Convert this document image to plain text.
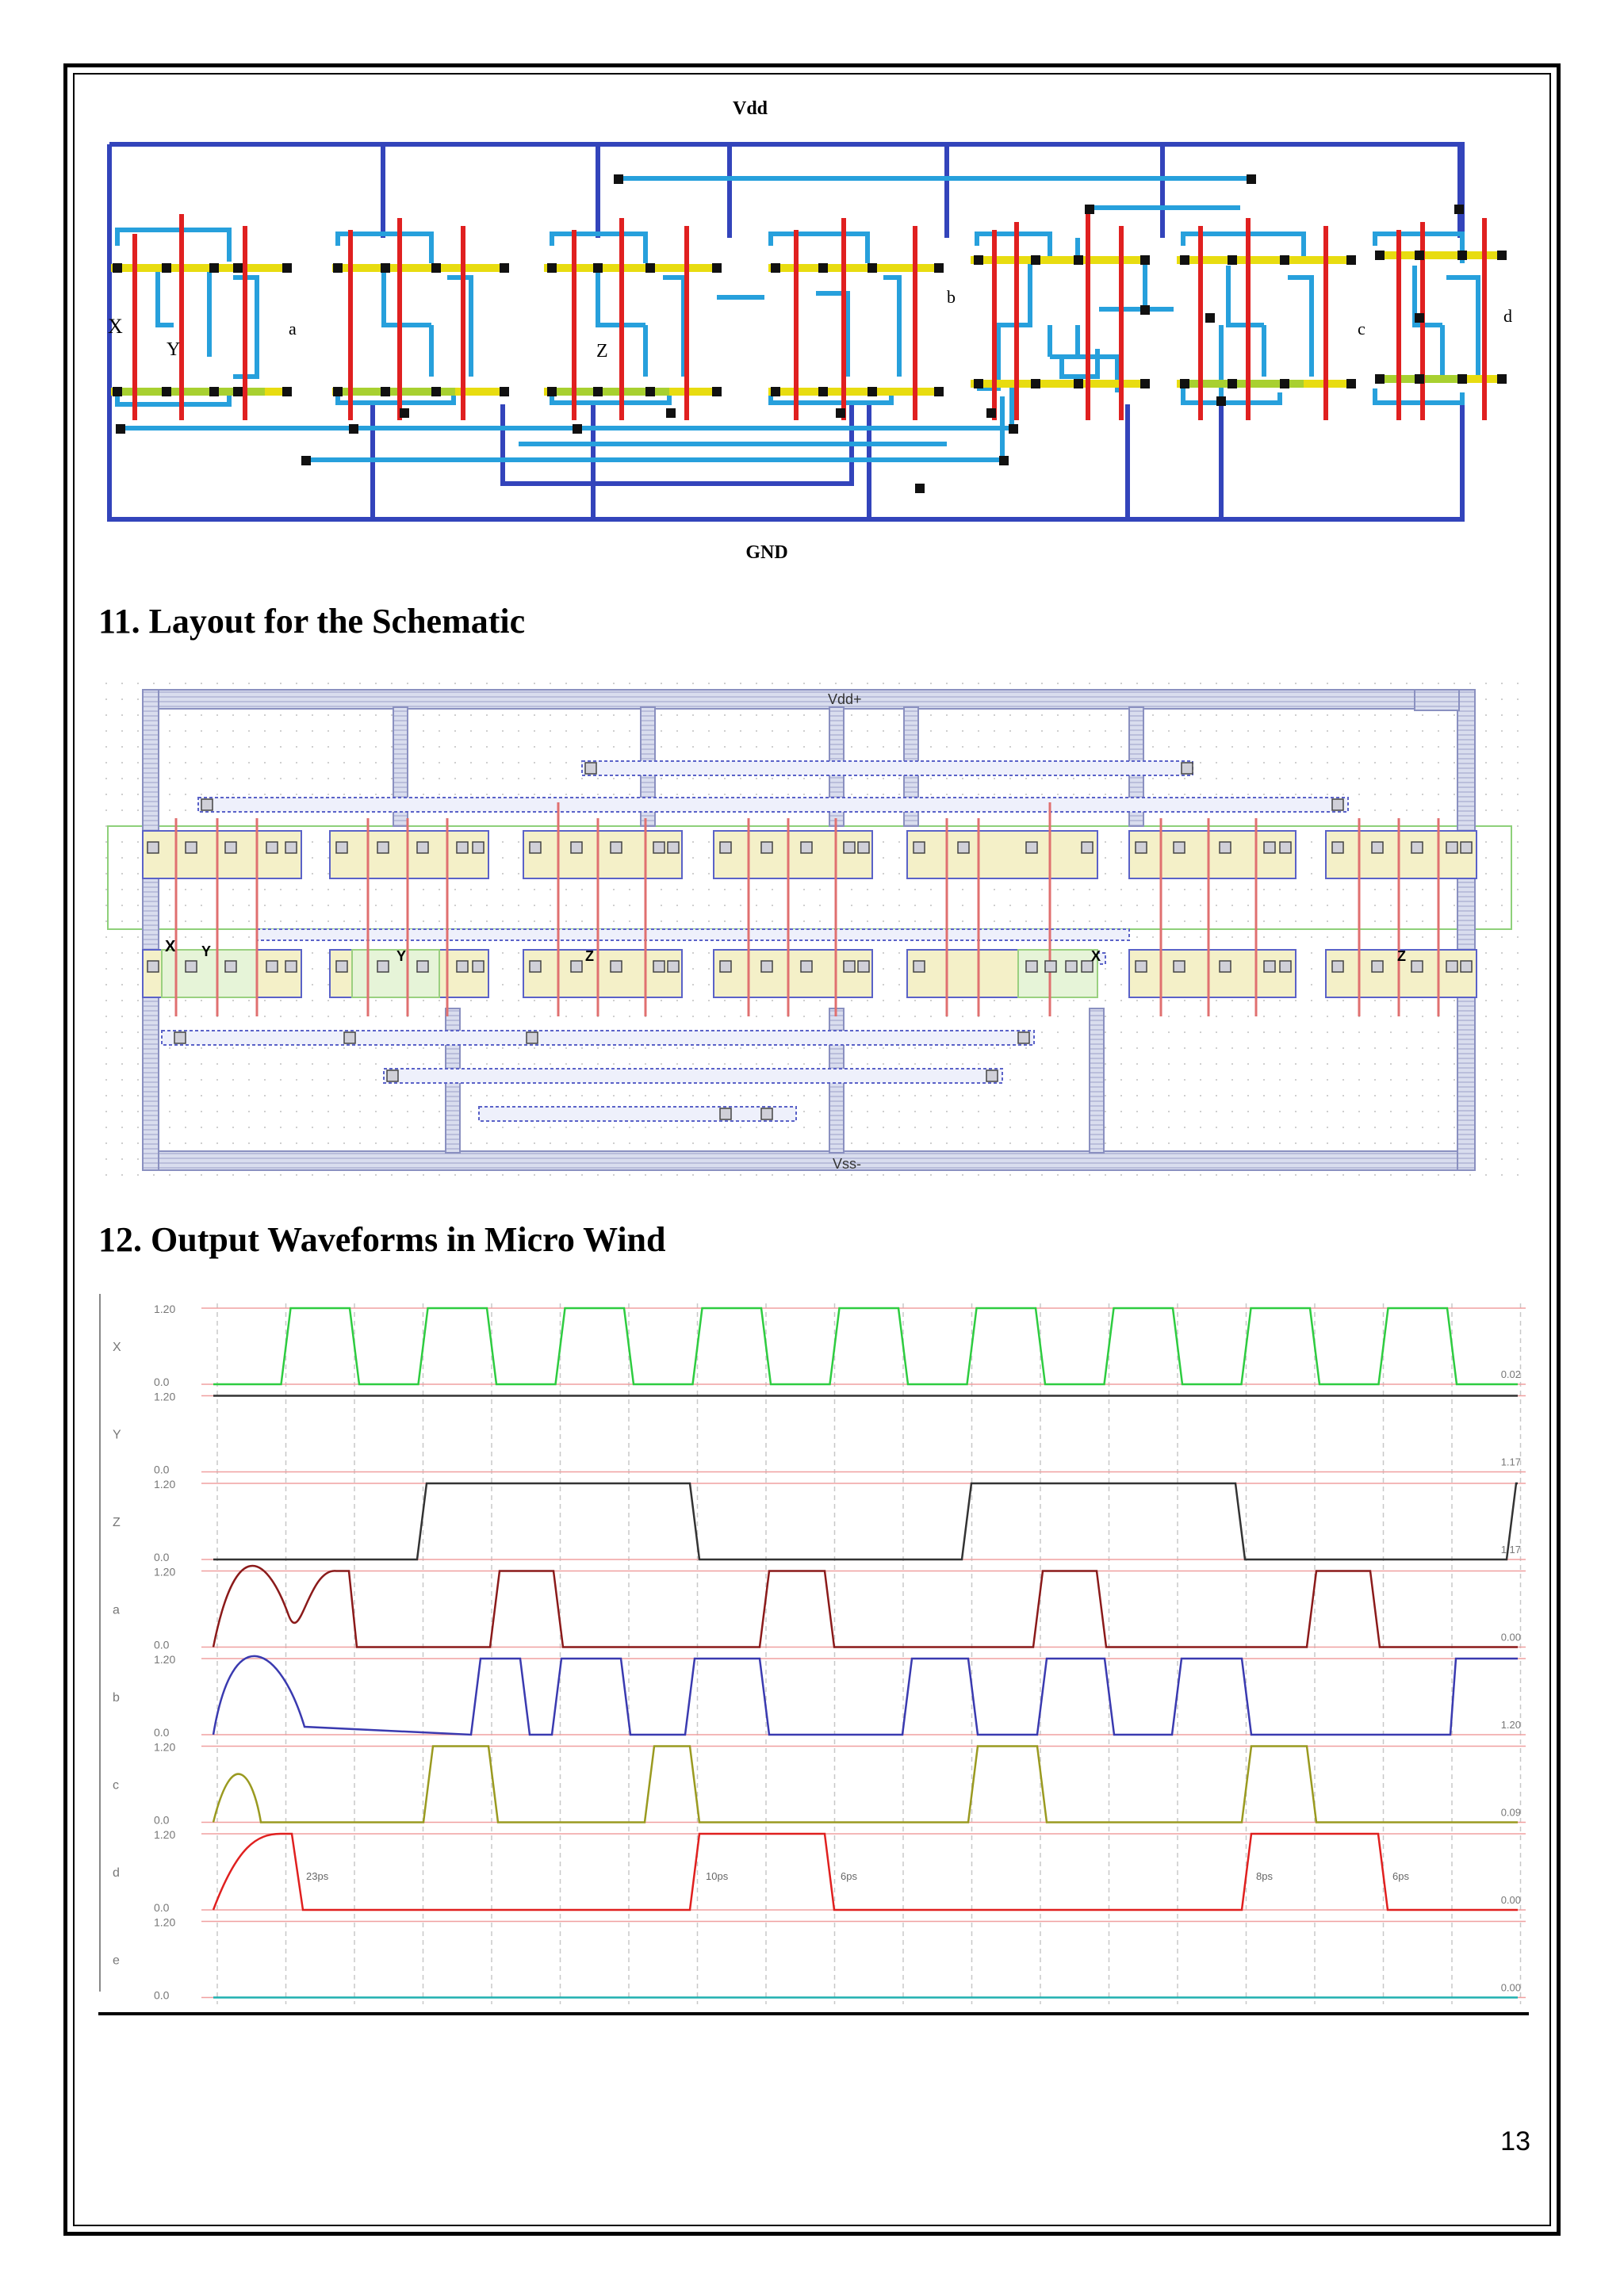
Vdd
GND
X
Y
a
Z
b
c
d
11. Layout for the Schematic
Vdd+
Vss-
X Y	Y	Z	X	Z
12. Output Waveforms in Micro Wind
1.20
0.0
X
0.02
1.20
0.0
Y
1.17
1.20
0.0
Z
1.17
1.20
0.0
a
0.00
1.20
0.0
b
1.20
1.20
0.0
c
0.09
1.20
0.0
d
0.00
1.20
0.0
e
0.00
23ps	10ps	6ps	8ps	6ps
13
